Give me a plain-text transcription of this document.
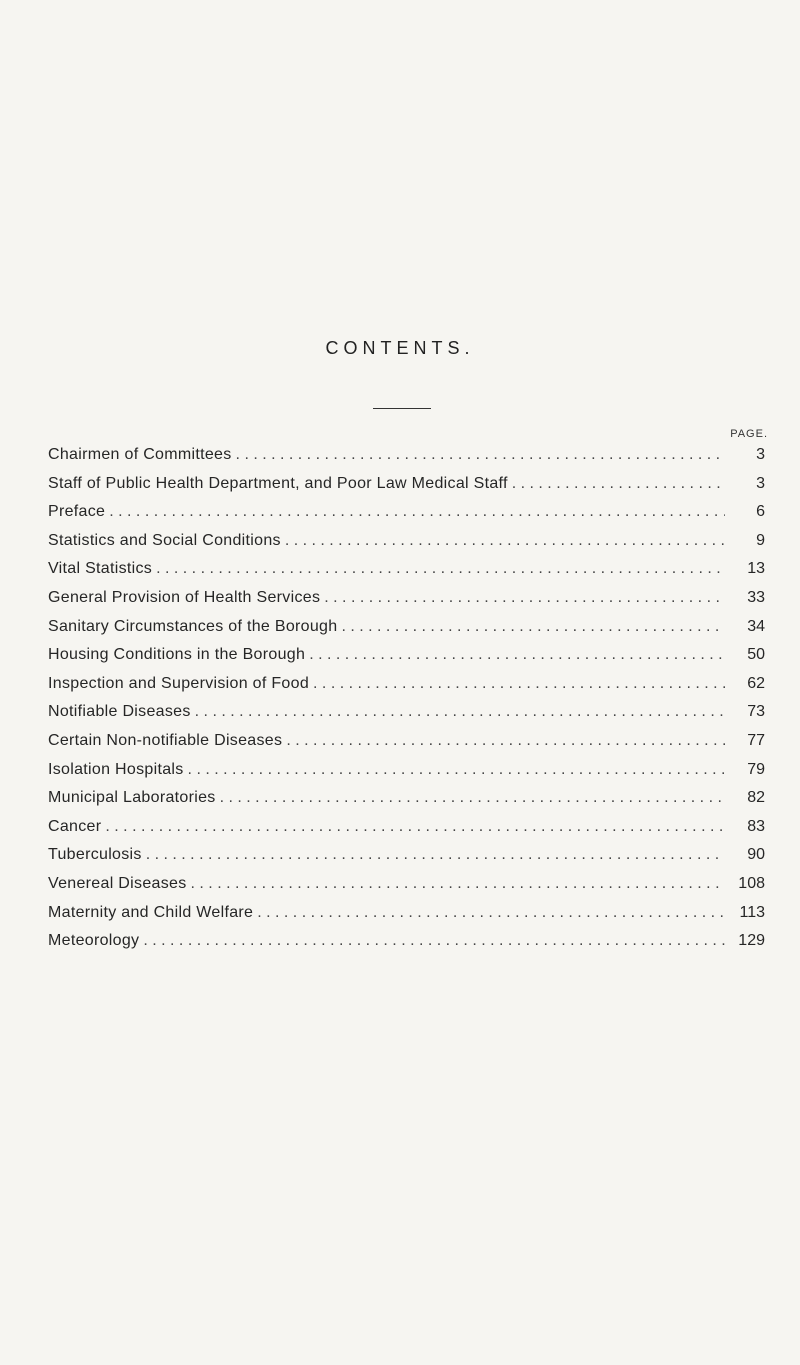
CONTENTS.
PAGE.
Chairmen of Committees . . .	3
Staff of Public Health Department, and Poor Law Medical Staff . . .	3
Preface . . .	6
Statistics and Social Conditions . . .	9
Vital Statistics . . .	13
General Provision of Health Services . . .	33
Sanitary Circumstances of the Borough . . .	34
Housing Conditions in the Borough . . .	50
Inspection and Supervision of Food . . .	62
Notifiable Diseases . . .	73
Certain Non-notifiable Diseases . . .	77
Isolation Hospitals . . .	79
Municipal Laboratories . . .	82
Cancer . . .	83
Tuberculosis . . .	90
Venereal Diseases . . .	108
Maternity and Child Welfare . . .	113
Meteorology . . .	129
